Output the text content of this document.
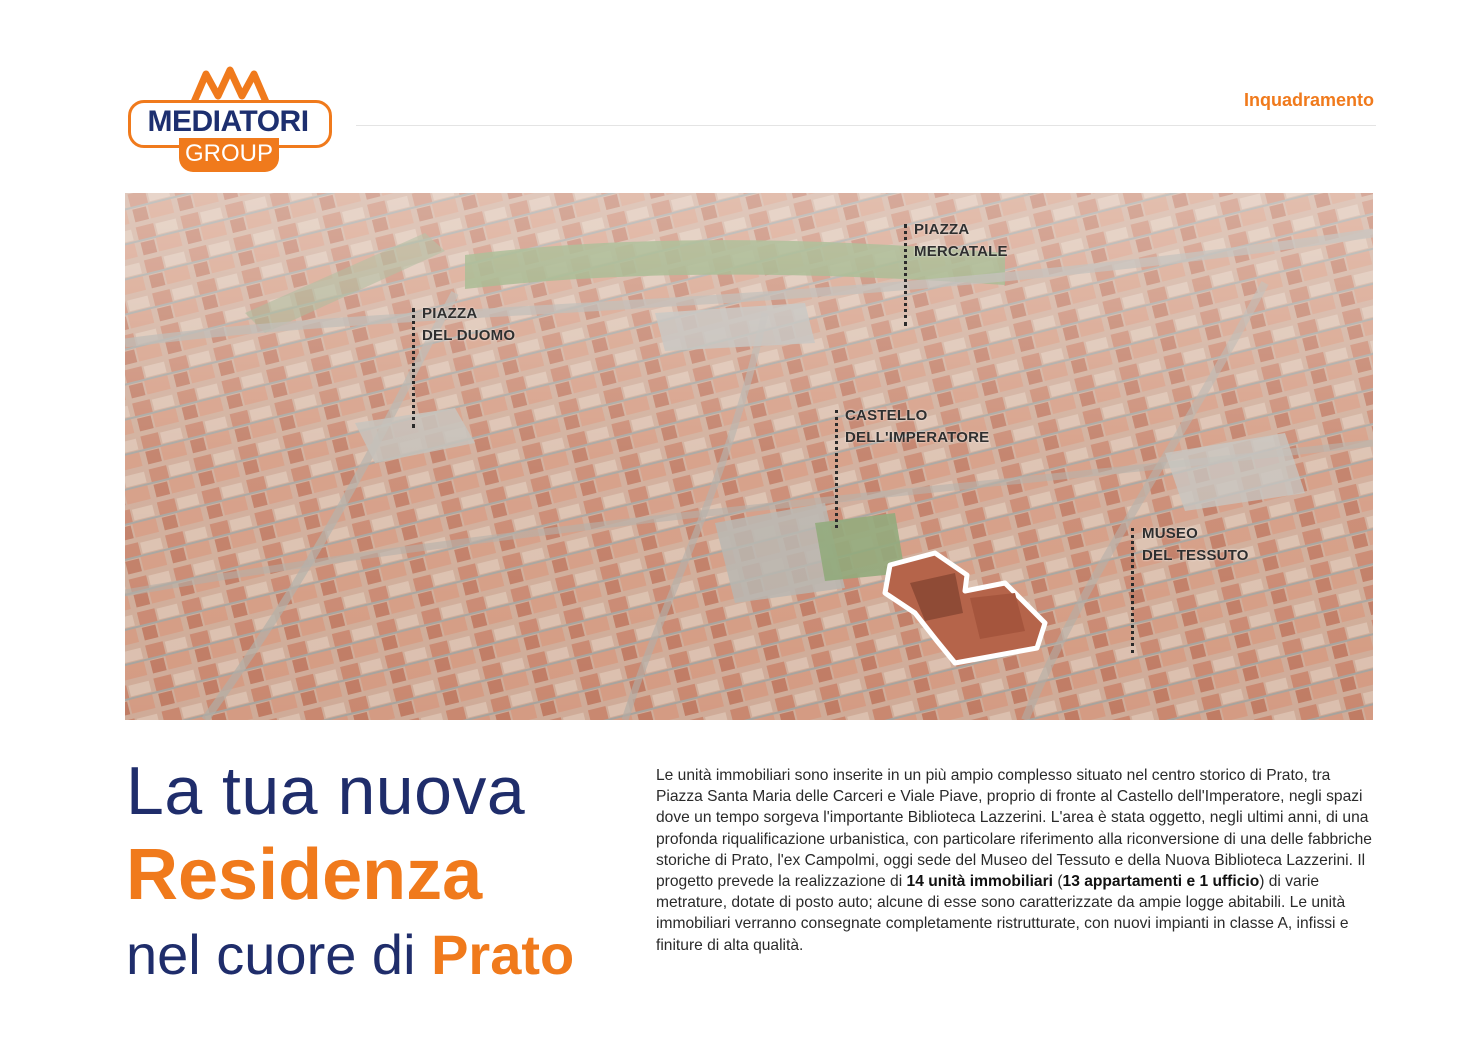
MEDIATORI
GROUP
Inquadramento
PIAZZA
DEL DUOMO
PIAZZA
MERCATALE
CASTELLO
DELL'IMPERATORE
MUSEO
DEL TESSUTO
La tua nuova
Residenza
nel cuore di Prato
Le unità immobiliari sono inserite in un più ampio complesso situato nel centro storico di Prato, tra Piazza Santa Maria delle Carceri e Viale Piave, proprio di fronte al Castello dell'Imperatore, negli spazi dove un tempo sorgeva l'importante Biblioteca Lazzerini. L'area è stata oggetto, negli ultimi anni, di una profonda riqualificazione urbanistica, con particolare riferimento alla riconversione di una delle fabbriche storiche di Prato, l'ex Campolmi, oggi sede del Museo del Tessuto e della Nuova Biblioteca Lazzerini. Il progetto prevede la realizzazione di 14 unità immobiliari (13 appartamenti e 1 ufficio) di varie metrature, dotate di posto auto; alcune di esse sono caratterizzate da ampie logge abitabili. Le unità immobiliari verranno consegnate completamente ristrutturate, con nuovi impianti in classe A, infissi e finiture di alta qualità.
